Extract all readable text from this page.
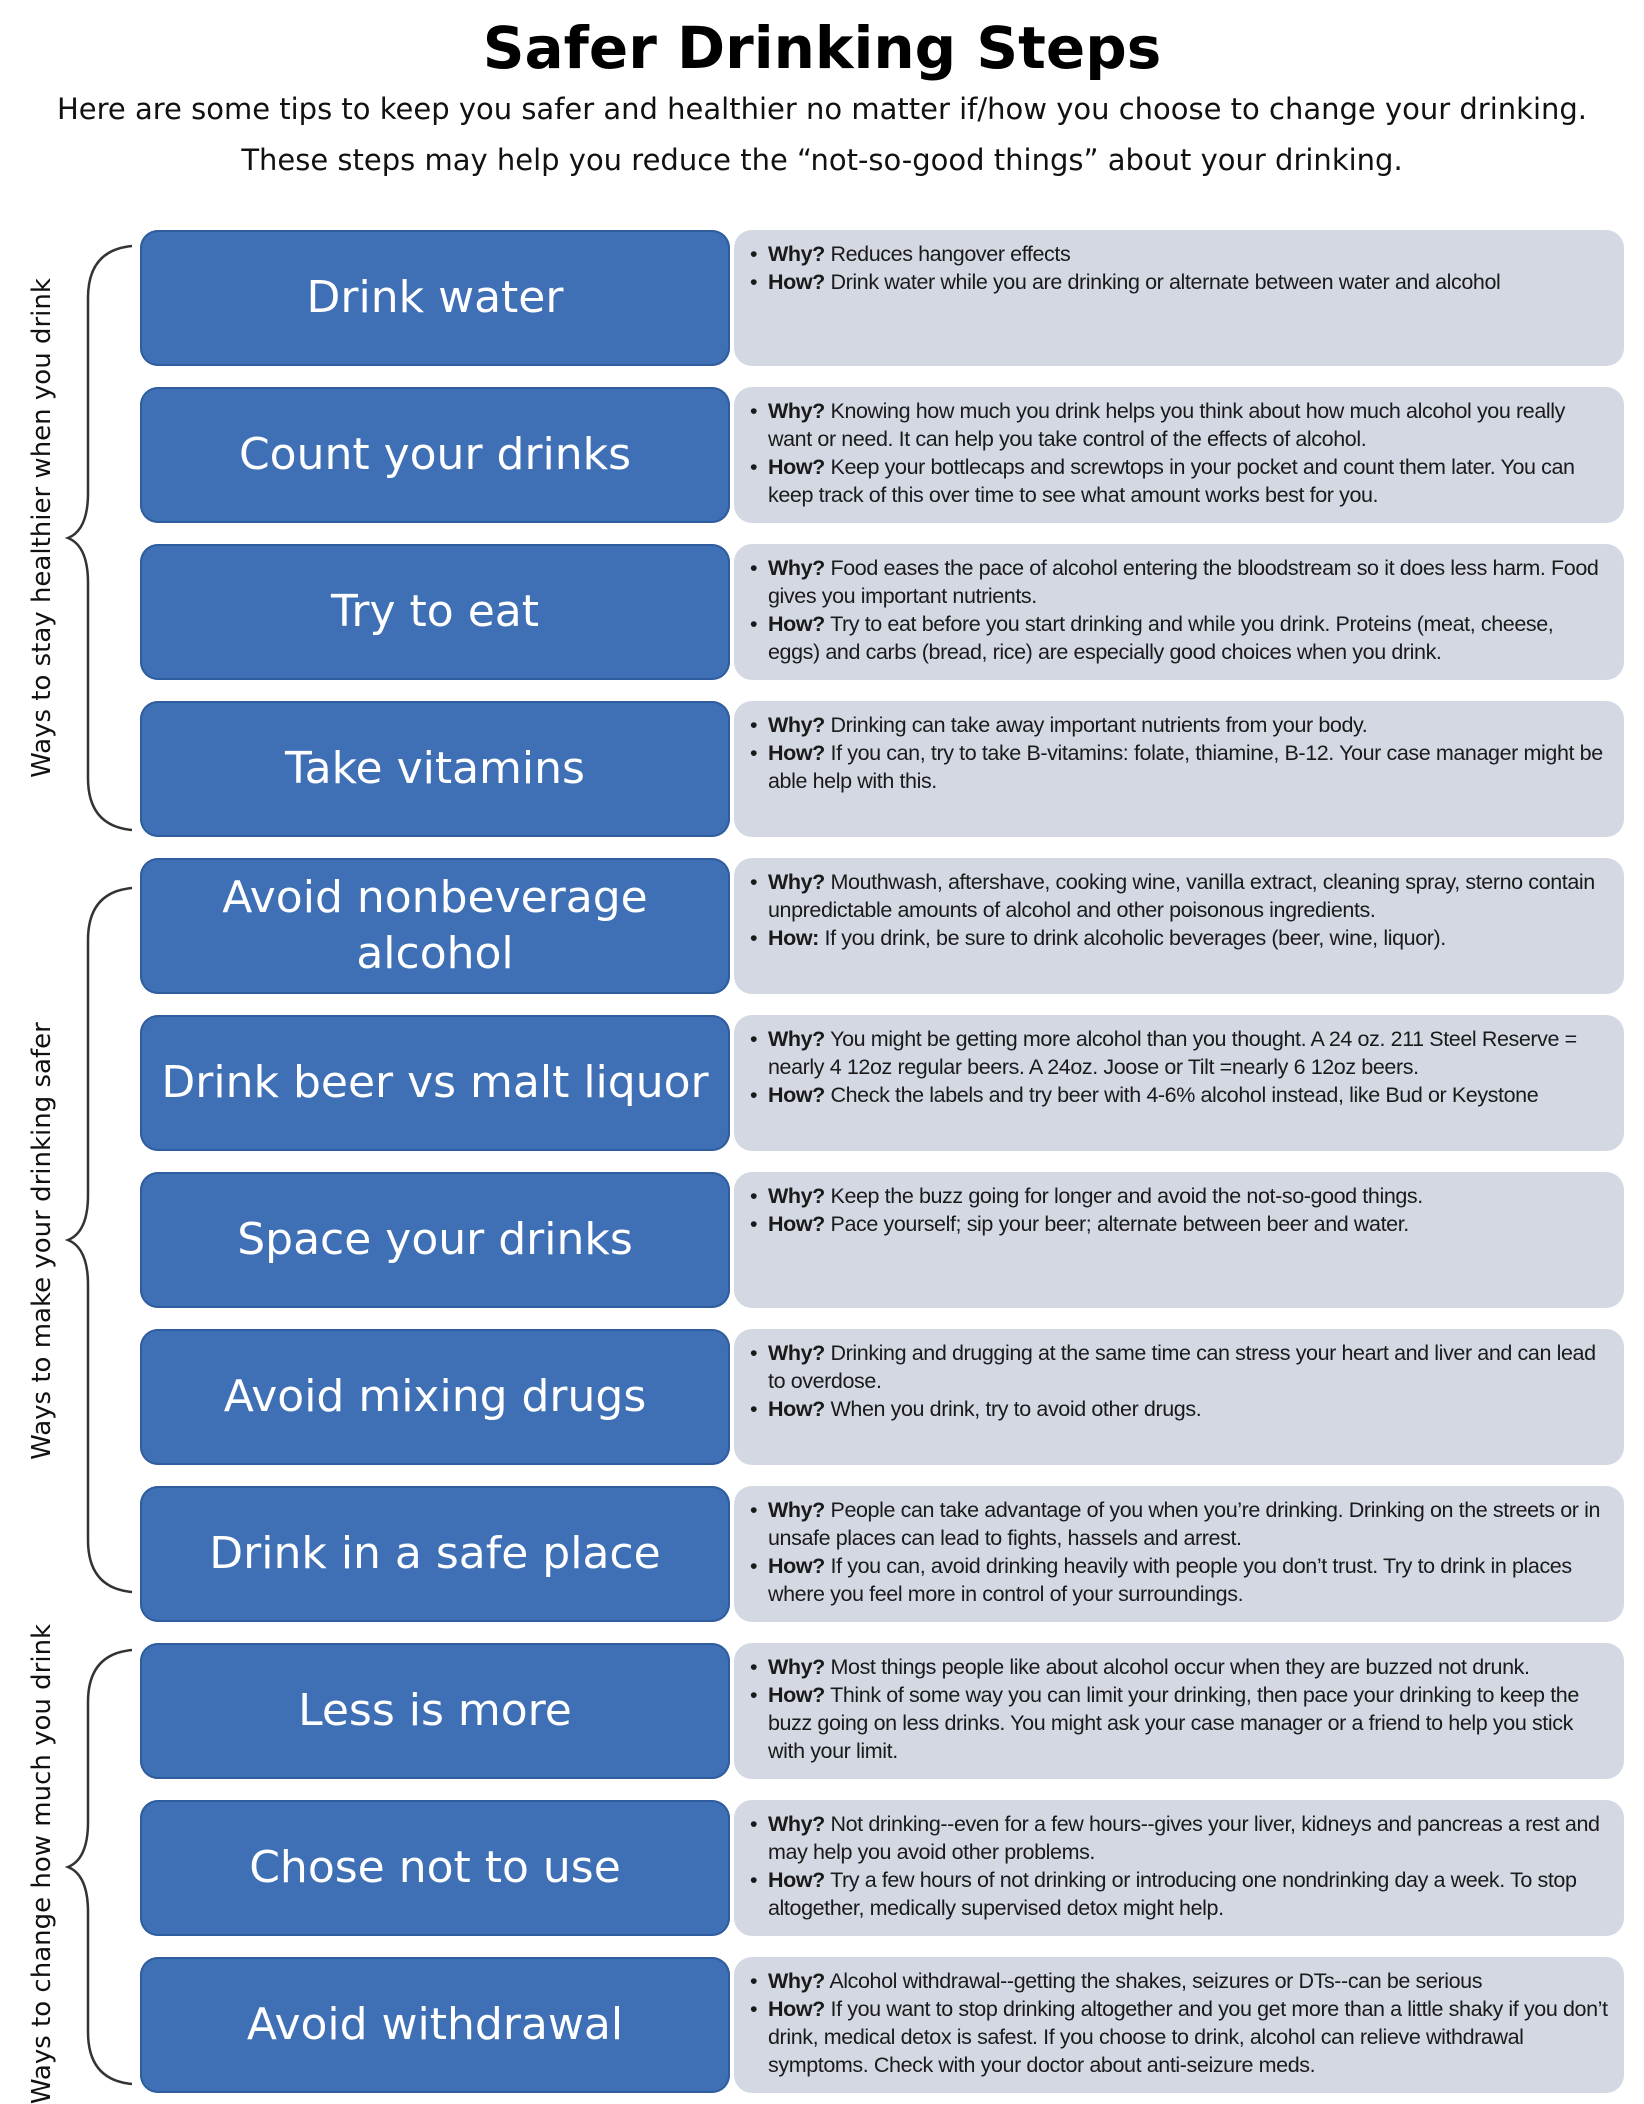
Safer Drinking Steps

Here are some tips to keep you safer and healthier no matter if/how you choose to change your drinking.

These steps may help you reduce the “not-so-good things” about your drinking.

Ways to stay healthier when you drink
Ways to make your drinking safer
Ways to change how much you drink
Drink water
• Why? Reduces hangover effects
• How? Drink water while you are drinking or alternate between water and alcohol
Count your drinks
• Why? Knowing how much you drink helps you think about how much alcohol you really want or need. It can help you take control of the effects of alcohol.
• How? Keep your bottlecaps and screwtops in your pocket and count them later. You can keep track of this over time to see what amount works best for you.
Try to eat
• Why? Food eases the pace of alcohol entering the bloodstream so it does less harm. Food gives you important nutrients.
• How? Try to eat before you start drinking and while you drink. Proteins (meat, cheese, eggs) and carbs (bread, rice) are especially good choices when you drink.
Take vitamins
• Why? Drinking can take away important nutrients from your body.
• How? If you can, try to take B-vitamins: folate, thiamine, B-12. Your case manager might be able help with this.
Avoid nonbeverage alcohol
• Why? Mouthwash, aftershave, cooking wine, vanilla extract, cleaning spray, sterno contain unpredictable amounts of alcohol and other poisonous ingredients.
• How: If you drink, be sure to drink alcoholic beverages (beer, wine, liquor).
Drink beer vs malt liquor
• Why? You might be getting more alcohol than you thought. A 24 oz. 211 Steel Reserve = nearly 4 12oz regular beers. A 24oz. Joose or Tilt =nearly 6 12oz beers.
• How? Check the labels and try beer with 4-6% alcohol instead, like Bud or Keystone
Space your drinks
• Why? Keep the buzz going for longer and avoid the not-so-good things.
• How? Pace yourself; sip your beer; alternate between beer and water.
Avoid mixing drugs
• Why? Drinking and drugging at the same time can stress your heart and liver and can lead to overdose.
• How? When you drink, try to avoid other drugs.
Drink in a safe place
• Why? People can take advantage of you when you’re drinking. Drinking on the streets or in unsafe places can lead to fights, hassels and arrest.
• How? If you can, avoid drinking heavily with people you don’t trust. Try to drink in places where you feel more in control of your surroundings.
Less is more
• Why? Most things people like about alcohol occur when they are buzzed not drunk.
• How? Think of some way you can limit your drinking, then pace your drinking to keep the buzz going on less drinks. You might ask your case manager or a friend to help you stick with your limit.
Chose not to use
• Why? Not drinking--even for a few hours--gives your liver, kidneys and pancreas a rest and may help you avoid other problems.
• How? Try a few hours of not drinking or introducing one nondrinking day a week. To stop altogether, medically supervised detox might help.
Avoid withdrawal
• Why? Alcohol withdrawal--getting the shakes, seizures or DTs--can be serious
• How? If you want to stop drinking altogether and you get more than a little shaky if you don’t drink, medical detox is safest. If you choose to drink, alcohol can relieve withdrawal symptoms. Check with your doctor about anti-seizure meds.
